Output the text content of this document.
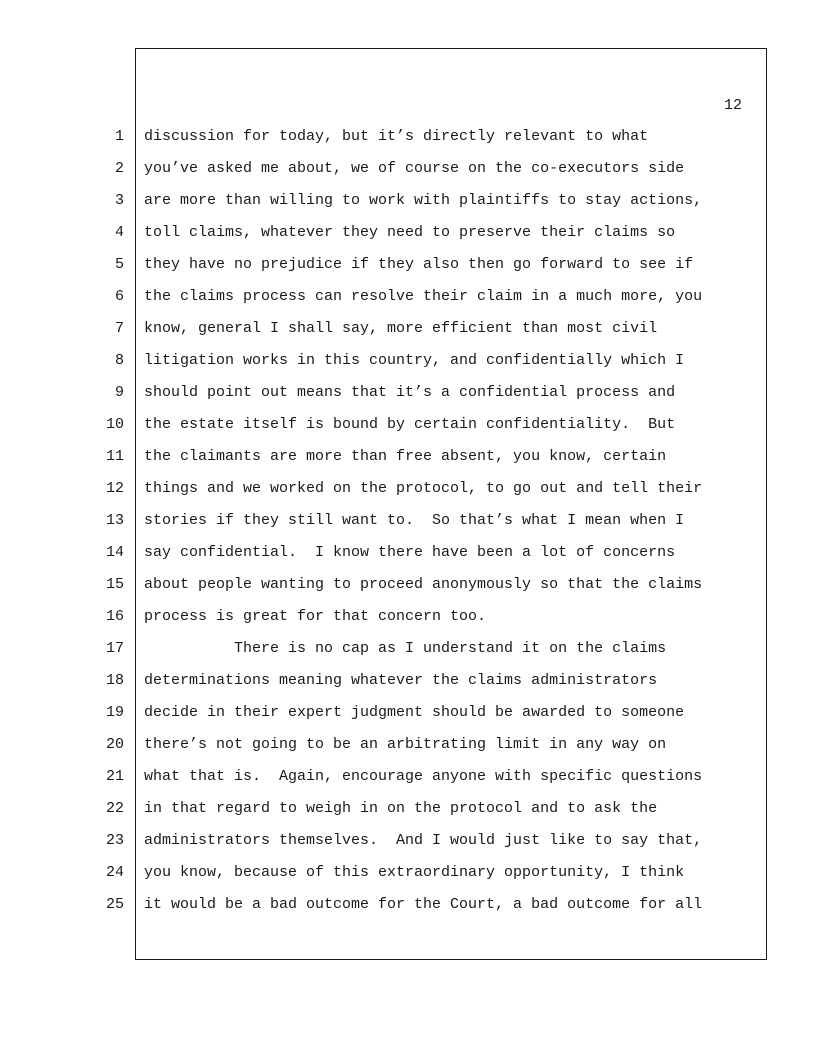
1
2
3
4
5
6
7
8
9
10
11
12
13
14
15
16
17
18
19
20
21
22
23
24
25
12
discussion for today, but it’s directly relevant to what
you’ve asked me about, we of course on the co-executors side
are more than willing to work with plaintiffs to stay actions,
toll claims, whatever they need to preserve their claims so
they have no prejudice if they also then go forward to see if
the claims process can resolve their claim in a much more, you
know, general I shall say, more efficient than most civil
litigation works in this country, and confidentially which I
should point out means that it’s a confidential process and
the estate itself is bound by certain confidentiality.  But
the claimants are more than free absent, you know, certain
things and we worked on the protocol, to go out and tell their
stories if they still want to.  So that’s what I mean when I
say confidential.  I know there have been a lot of concerns
about people wanting to proceed anonymously so that the claims
process is great for that concern too.
There is no cap as I understand it on the claims
determinations meaning whatever the claims administrators
decide in their expert judgment should be awarded to someone
there’s not going to be an arbitrating limit in any way on
what that is.  Again, encourage anyone with specific questions
in that regard to weigh in on the protocol and to ask the
administrators themselves.  And I would just like to say that,
you know, because of this extraordinary opportunity, I think
it would be a bad outcome for the Court, a bad outcome for all
